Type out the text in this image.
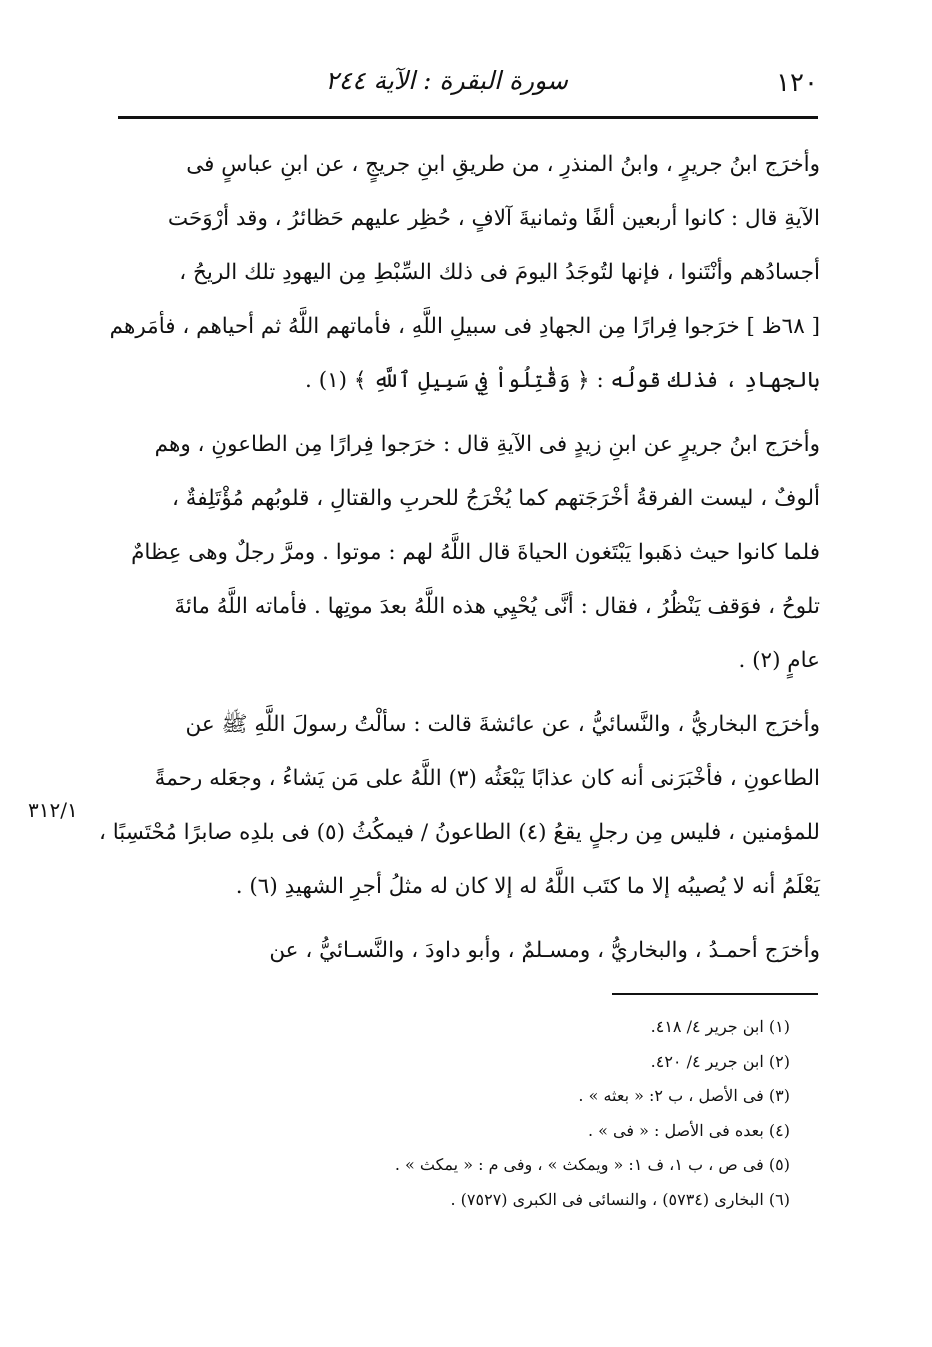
١٢٠
سورة البقرة : الآية ٢٤٤
وأخرَج ابنُ جريرٍ ، وابنُ المنذرِ ، من طريقِ ابنِ جريجٍ ، عن ابنِ عباسٍ فى
الآيةِ قال : كانوا أربعين ألفًا وثمانيةَ آلافٍ ، حُظِر عليهم حَظائرُ ، وقد أرْوَحَت
أجسادُهم وأنْتَنوا ، فإنها لتُوجَدُ اليومَ فى ذلك السِّبْطِ مِن اليهودِ تلك الريحُ ،
[ ٦٨ظ ] خرَجوا فِرارًا مِن الجهادِ فى سبيلِ اللَّهِ ، فأماتهم اللَّهُ ثم أحياهم ، فأمَرهم
بالجهادِ ، فذلك قولُه : ﴿ وَقَٰتِلُواْ فِي سَبِيلِ ٱللَّهِ ﴾ (١) .
وأخرَج ابنُ جريرٍ عن ابنِ زيدٍ فى الآيةِ قال : خرَجوا فِرارًا مِن الطاعونِ ، وهم
ألوفٌ ، ليست الفرقةُ أخْرَجَتهم كما يُخْرَجُ للحربِ والقتالِ ، قلوبُهم مُؤْتَلِفةٌ ،
فلما كانوا حيث ذهَبوا يَبْتَغون الحياةَ قال اللَّهُ لهم : موتوا . ومرَّ رجلٌ وهى عِظامٌ
تلوحُ ، فوَقف يَنْظُرُ ، فقال : أنَّى يُحْيِي هذه اللَّهُ بعدَ موتِها . فأماته اللَّهُ مائةَ
عامٍ (٢) .
وأخرَج البخاريُّ ، والنَّسائيُّ ، عن عائشةَ قالت : سألْتُ رسولَ اللَّهِ ﷺ عن
الطاعونِ ، فأخْبَرَنى أنه كان عذابًا يَبْعَثُه (٣) اللَّهُ على مَن يَشاءُ ، وجعَله رحمةً
للمؤمنين ، فليس مِن رجلٍ يقعُ (٤) الطاعونُ / فيمكُثُ (٥) فى بلدِه صابرًا مُحْتَسِبًا ،
يَعْلَمُ أنه لا يُصيبُه إلا ما كتَب اللَّهُ له إلا كان له مثلُ أجرِ الشهيدِ (٦) .
وأخرَج أحمـدُ ، والبخاريُّ ، ومسـلمٌ ، وأبو داودَ ، والنَّسـائيُّ ، عن
٣١٢/١
(١) ابن جرير ٤/ ٤١٨.
(٢) ابن جرير ٤/ ٤٢٠.
(٣) فى الأصل ، ب ٢: « بعثه » .
(٤) بعده فى الأصل : « فى » .
(٥) فى ص ، ب ١، ف ١: « ويمكث » ، وفى م : « يمكث » .
(٦) البخارى (٥٧٣٤) ، والنسائى فى الكبرى (٧٥٢٧) .
